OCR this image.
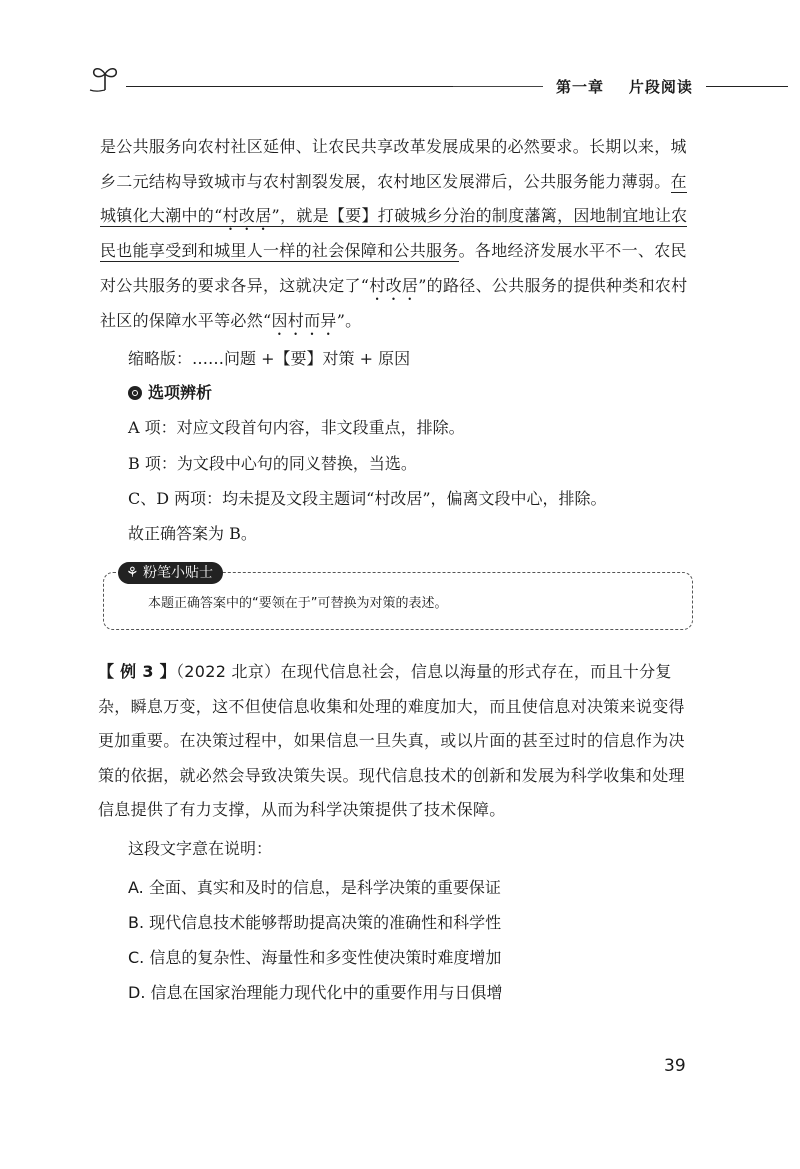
第一章 片段阅读
是公共服务向农村社区延伸、让农民共享改革发展成果的必然要求。长期以来，城乡二元结构导致城市与农村割裂发展，农村地区发展滞后，公共服务能力薄弱。在城镇化大潮中的“村改居”，就是【要】打破城乡分治的制度藩篱，因地制宜地让农民也能享受到和城里人一样的社会保障和公共服务。各地经济发展水平不一、农民对公共服务的要求各异，这就决定了“村改居”的路径、公共服务的提供种类和农村社区的保障水平等必然“因村而异”。
缩略版：……问题 +【要】对策 + 原因
选项辨析
A 项：对应文段首句内容，非文段重点，排除。
B 项：为文段中心句的同义替换，当选。
C、D 两项：均未提及文段主题词“村改居”，偏离文段中心，排除。
故正确答案为 B。
⚘ 粉笔小贴士
本题正确答案中的“要领在于”可替换为对策的表述。
【 例 3 】（2022 北京）在现代信息社会，信息以海量的形式存在，而且十分复杂，瞬息万变，这不但使信息收集和处理的难度加大，而且使信息对决策来说变得更加重要。在决策过程中，如果信息一旦失真，或以片面的甚至过时的信息作为决策的依据，就必然会导致决策失误。现代信息技术的创新和发展为科学收集和处理信息提供了有力支撑，从而为科学决策提供了技术保障。
这段文字意在说明：
A. 全面、真实和及时的信息，是科学决策的重要保证
B. 现代信息技术能够帮助提高决策的准确性和科学性
C. 信息的复杂性、海量性和多变性使决策时难度增加
D. 信息在国家治理能力现代化中的重要作用与日俱增
39
